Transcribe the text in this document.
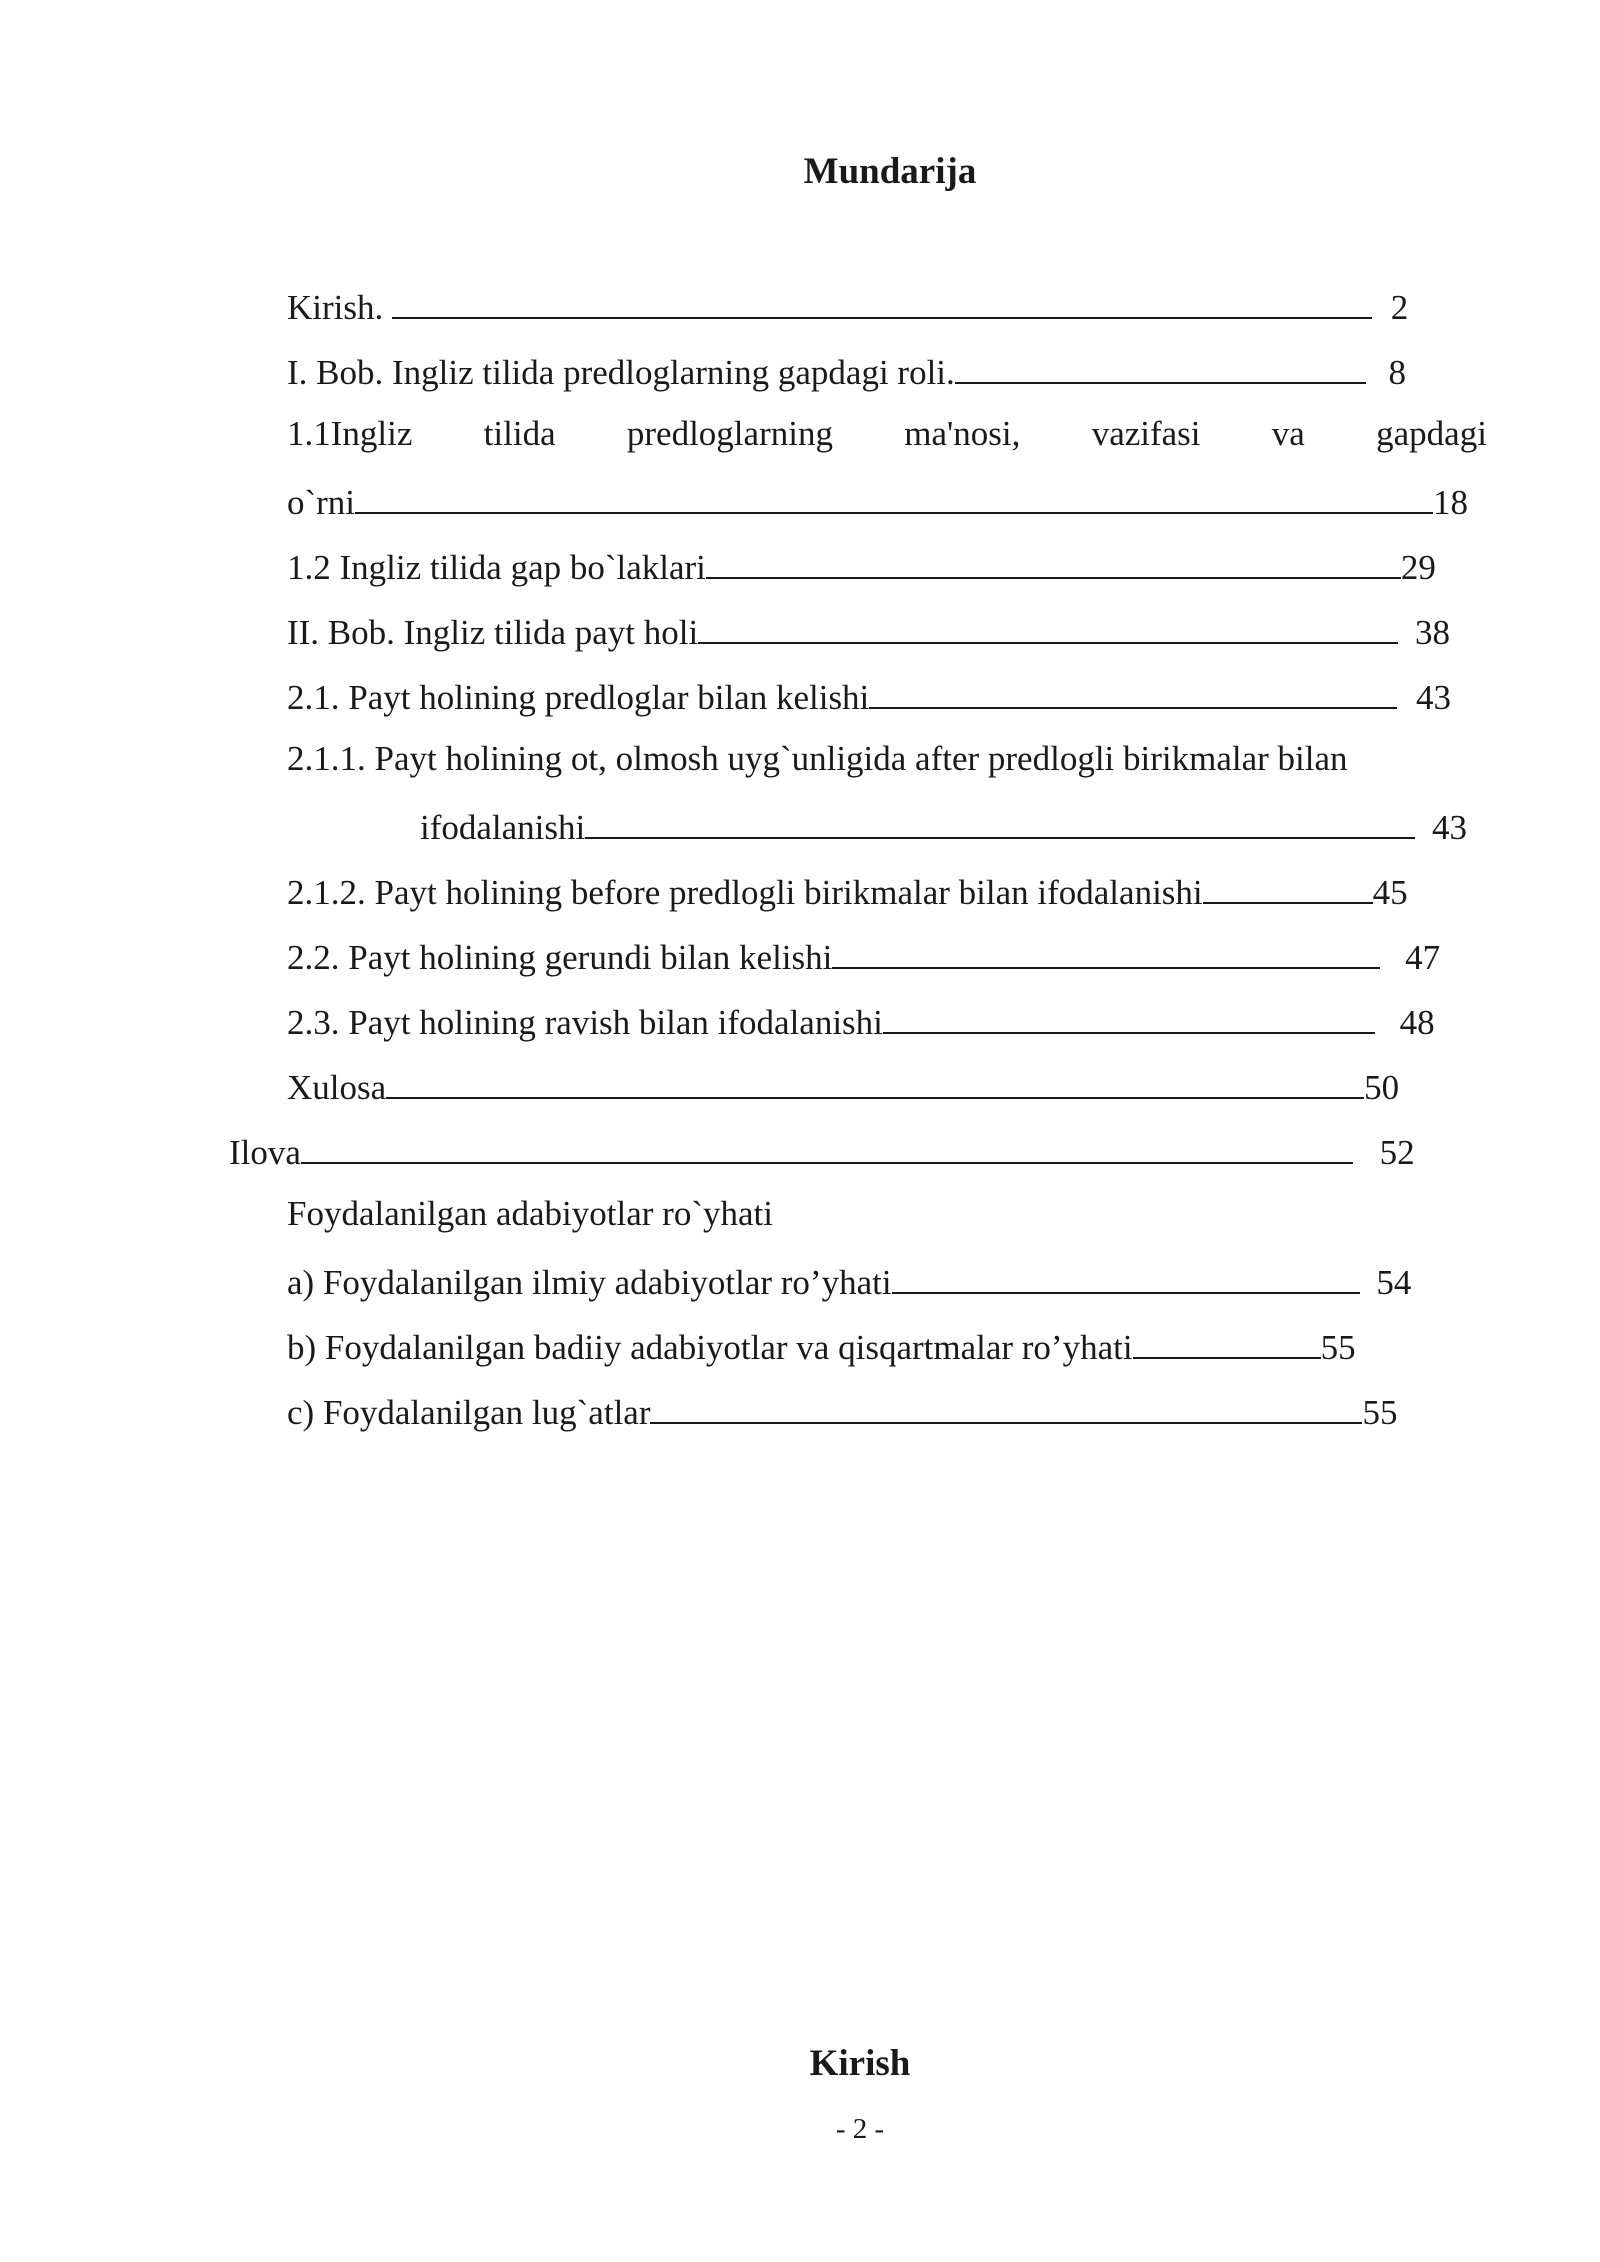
Mundarija
Kirish.	2
I. Bob. Ingliz tilida predloglarning gapdagi roli.	8
1.1Ingliz tilida predloglarning ma'nosi, vazifasi va gapdagi
o`rni	18
1.2 Ingliz tilida gap bo`laklari	29
II. Bob. Ingliz tilida payt holi	38
2.1. Payt holining predloglar bilan kelishi	43
2.1.1. Payt holining ot, olmosh uyg`unligida after predlogli birikmalar bilan
ifodalanishi	43
2.1.2. Payt holining before predlogli birikmalar bilan ifodalanishi	45
2.2. Payt holining gerundi bilan kelishi	47
2.3. Payt holining ravish bilan ifodalanishi	48
Xulosa	50
Ilova	52
Foydalanilgan adabiyotlar ro`yhati
a) Foydalanilgan ilmiy adabiyotlar ro’yhati	54
b) Foydalanilgan badiiy adabiyotlar va qisqartmalar ro’yhati	55
c) Foydalanilgan lug`atlar	55
Kirish
- 2 -
